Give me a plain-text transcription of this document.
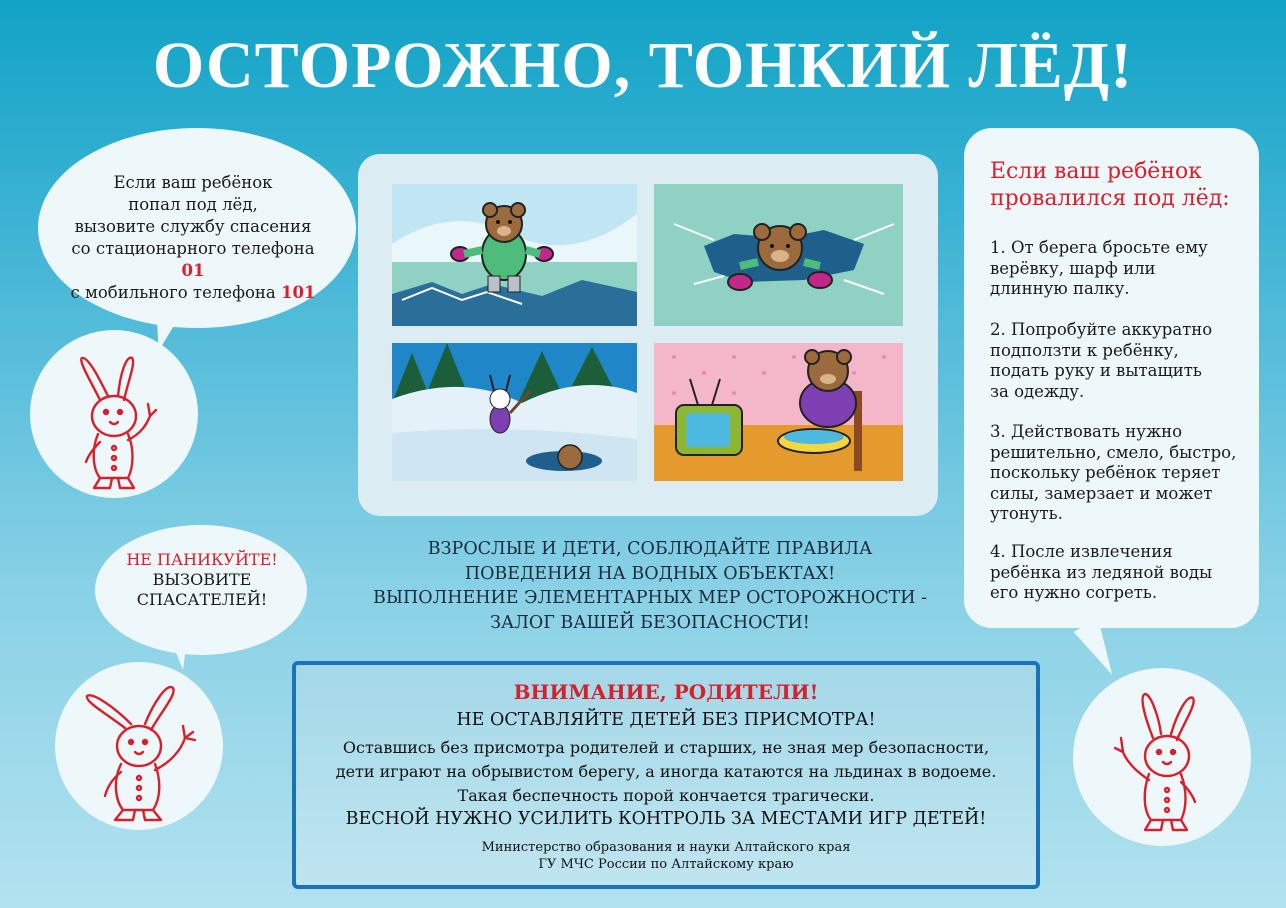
ОСТОРОЖНО, ТОНКИЙ ЛЁД!
Если ваш ребёнок
попал под лёд,
вызовите службу спасения
со стационарного телефона 01
с мобильного телефона 101
НЕ ПАНИКУЙТЕ!
ВЫЗОВИТЕ
СПАСАТЕЛЕЙ!
ВЗРОСЛЫЕ И ДЕТИ, СОБЛЮДАЙТЕ ПРАВИЛА
ПОВЕДЕНИЯ НА ВОДНЫХ ОБЪЕКТАХ!
ВЫПОЛНЕНИЕ ЭЛЕМЕНТАРНЫХ МЕР ОСТОРОЖНОСТИ -
ЗАЛОГ ВАШЕЙ БЕЗОПАСНОСТИ!
Если ваш ребёнок
провалился под лёд:
1. От берега бросьте ему
верёвку, шарф или
длинную палку.
2. Попробуйте аккуратно
подползти к ребёнку,
подать руку и вытащить
за одежду.
3. Действовать нужно
решительно, смело, быстро,
поскольку ребёнок теряет
силы, замерзает и может
утонуть.
4. После извлечения
ребёнка из ледяной воды
его нужно согреть.
ВНИМАНИЕ, РОДИТЕЛИ!
НЕ ОСТАВЛЯЙТЕ ДЕТЕЙ БЕЗ ПРИСМОТРА!
Оставшись без присмотра родителей и старших, не зная мер безопасности,
дети играют на обрывистом берегу, а иногда катаются на льдинах в водоеме.
Такая беспечность порой кончается трагически.
ВЕСНОЙ НУЖНО УСИЛИТЬ КОНТРОЛЬ ЗА МЕСТАМИ ИГР ДЕТЕЙ!
Министерство образования и науки Алтайского края
ГУ МЧС России по Алтайскому краю
